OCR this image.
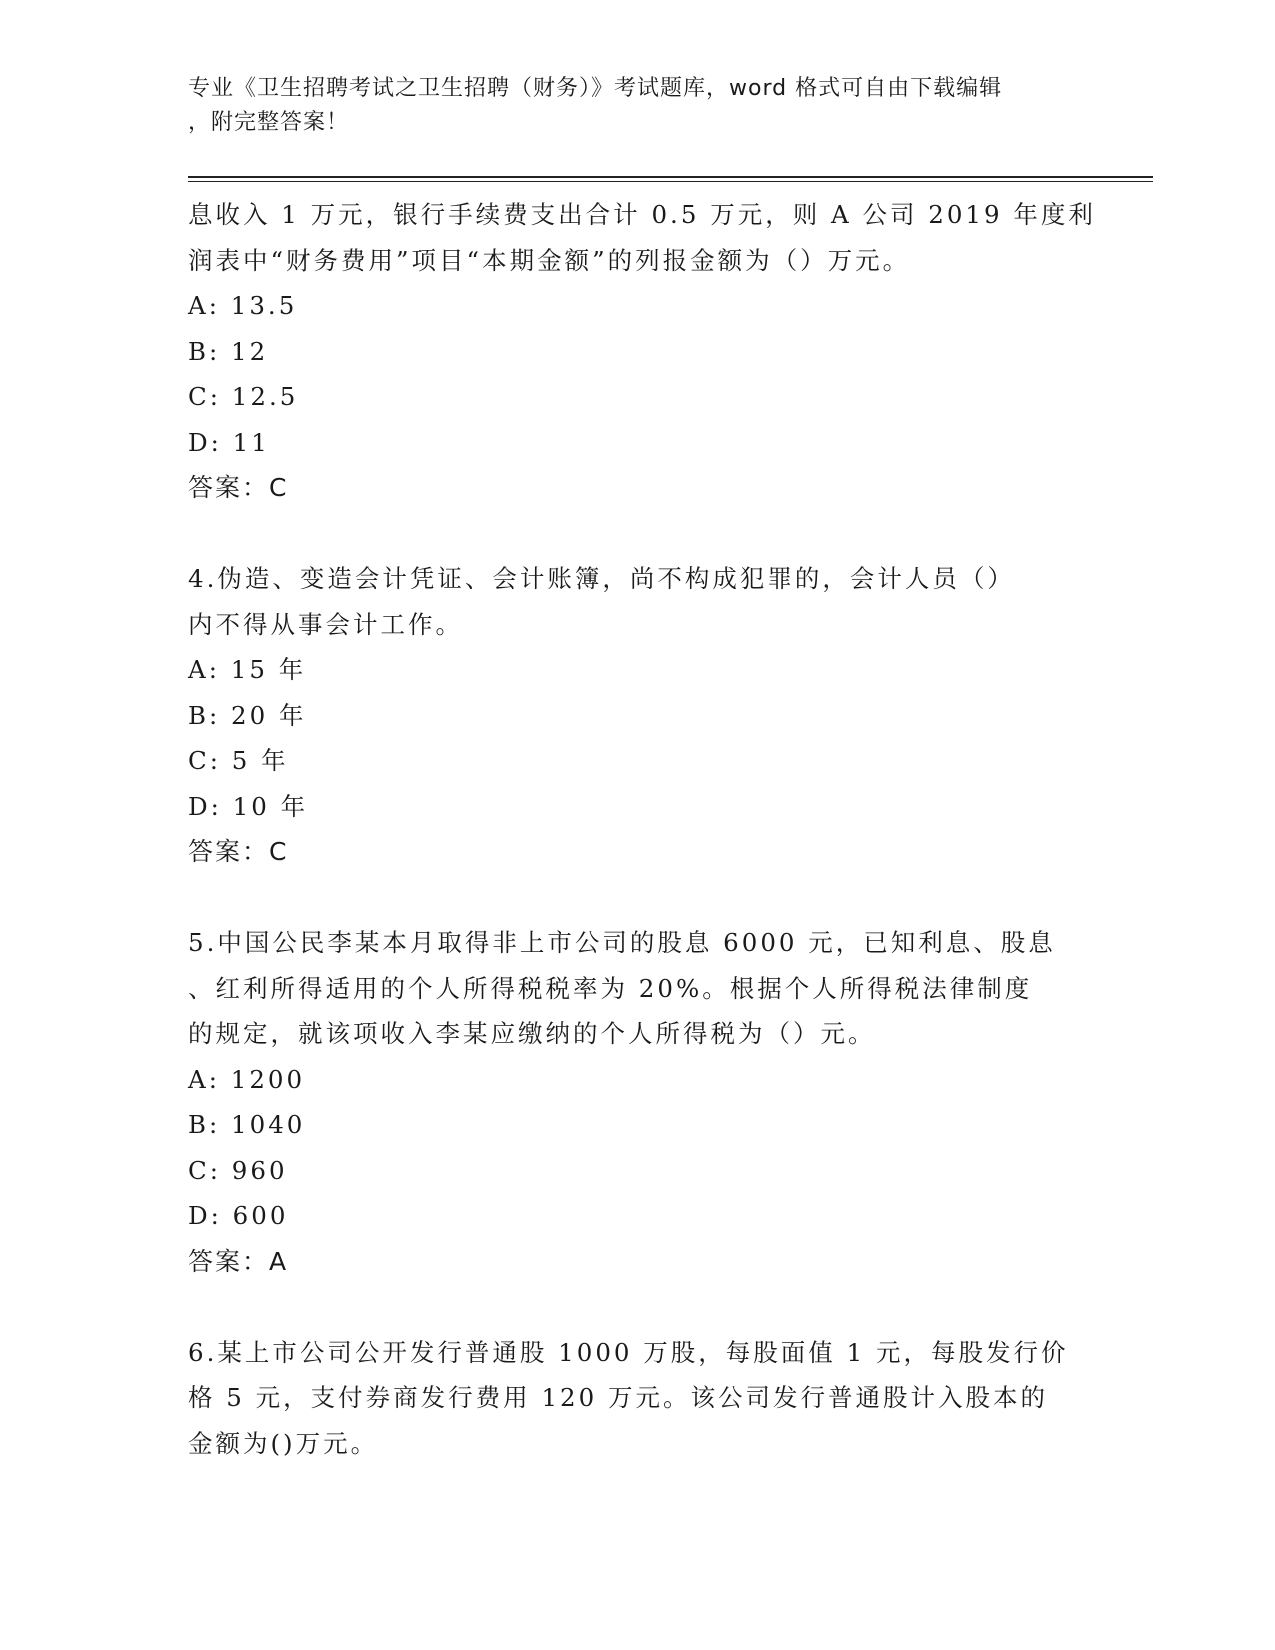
专业《卫生招聘考试之卫生招聘（财务）》考试题库，word 格式可自由下载编辑
，附完整答案！
息收入 1 万元，银行手续费支出合计 0.5 万元，则 A 公司 2019 年度利
润表中“财务费用”项目“本期金额”的列报金额为（）万元。
A: 13.5
B: 12
C: 12.5
D: 11
答案：C
4.伪造、变造会计凭证、会计账簿，尚不构成犯罪的，会计人员（）
内不得从事会计工作。
A: 15 年
B: 20 年
C: 5 年
D: 10 年
答案：C
5.中国公民李某本月取得非上市公司的股息 6000 元，已知利息、股息
、红利所得适用的个人所得税税率为 20%。根据个人所得税法律制度
的规定，就该项收入李某应缴纳的个人所得税为（）元。
A: 1200
B: 1040
C: 960
D: 600
答案：A
6.某上市公司公开发行普通股 1000 万股，每股面值 1 元，每股发行价
格 5 元，支付券商发行费用 120 万元。该公司发行普通股计入股本的
金额为()万元。
